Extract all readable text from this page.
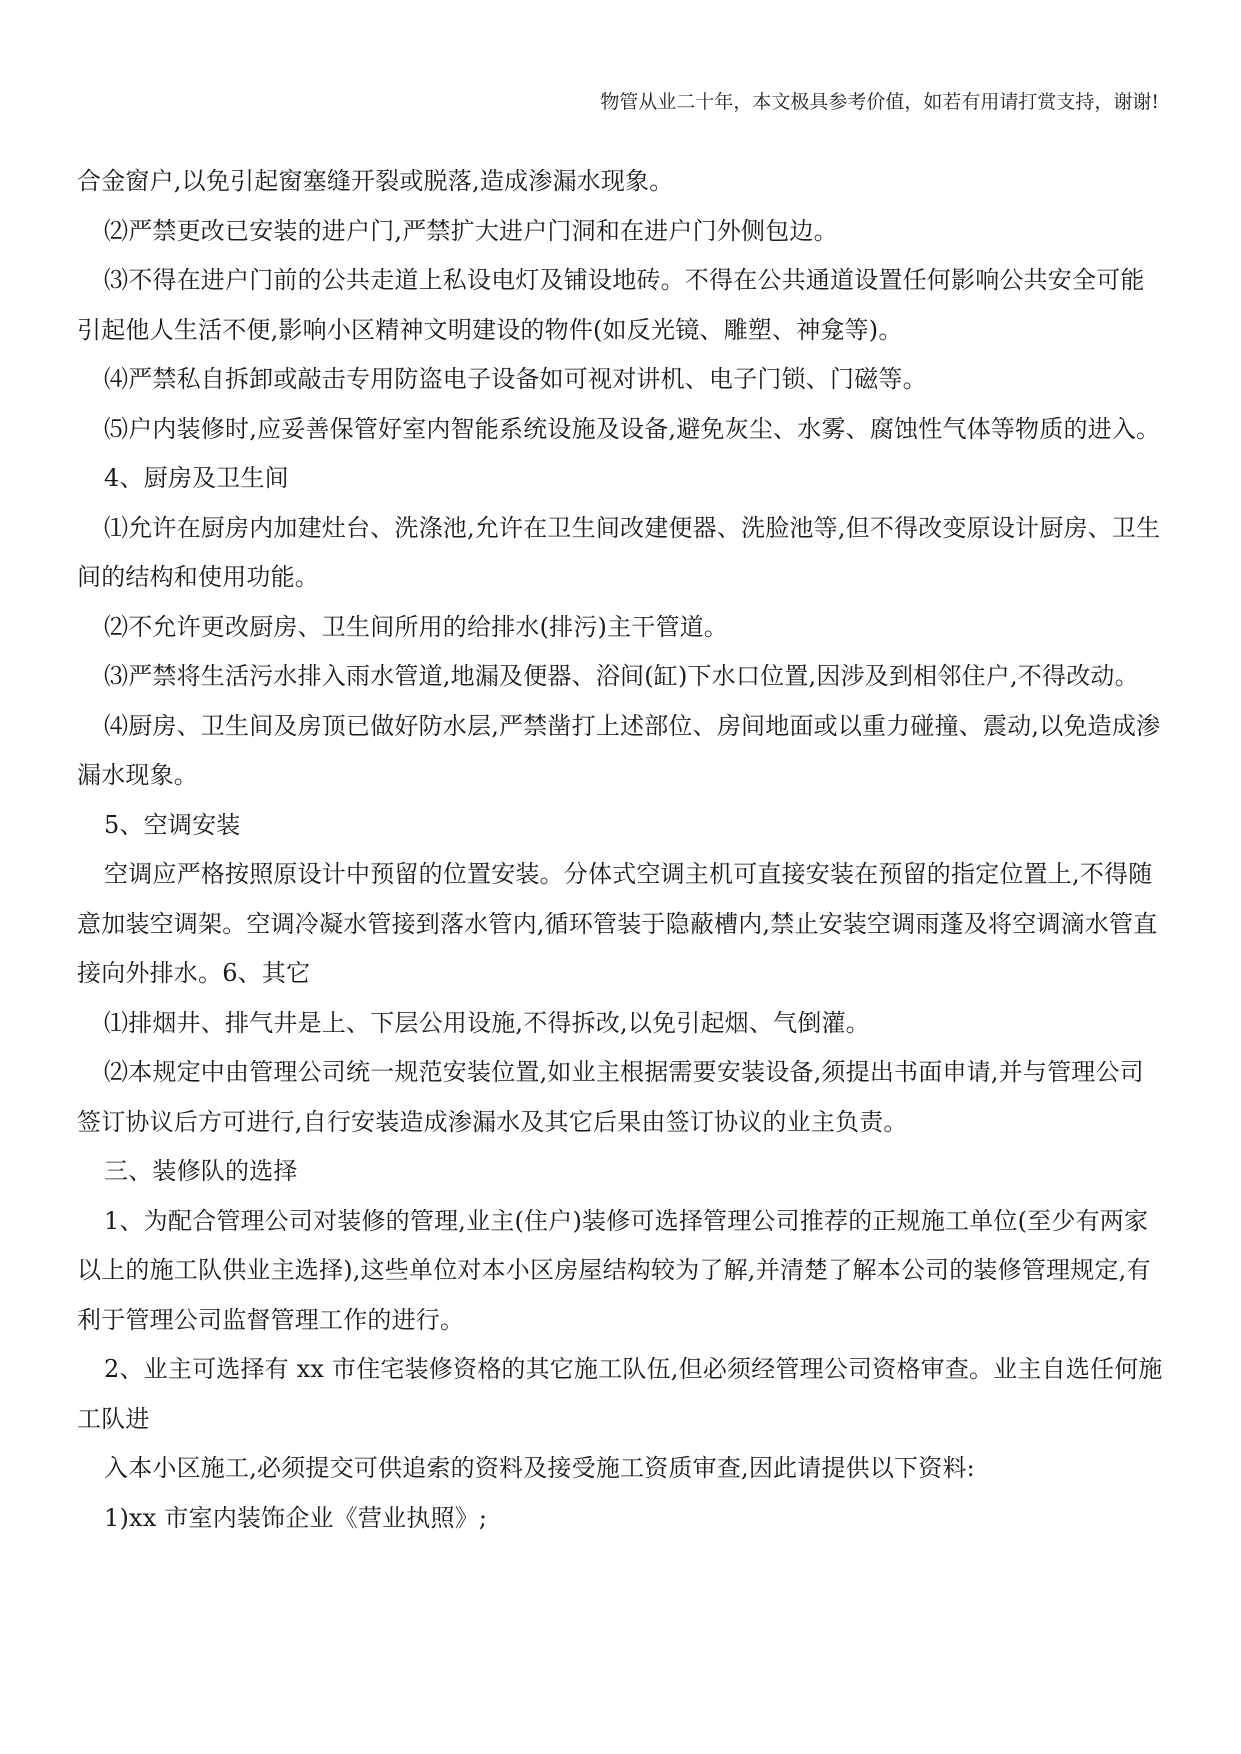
物管从业二十年，本文极具参考价值，如若有用请打赏支持，谢谢!

合金窗户,以免引起窗塞缝开裂或脱落,造成渗漏水现象。

⑵严禁更改已安装的进户门,严禁扩大进户门洞和在进户门外侧包边。

⑶不得在进户门前的公共走道上私设电灯及铺设地砖。不得在公共通道设置任何影响公共安全可能引起他人生活不便,影响小区精神文明建设的物件(如反光镜、雕塑、神龛等)。

⑷严禁私自拆卸或敲击专用防盗电子设备如可视对讲机、电子门锁、门磁等。

⑸户内装修时,应妥善保管好室内智能系统设施及设备,避免灰尘、水雾、腐蚀性气体等物质的进入。

4、厨房及卫生间

⑴允许在厨房内加建灶台、洗涤池,允许在卫生间改建便器、洗脸池等,但不得改变原设计厨房、卫生间的结构和使用功能。

⑵不允许更改厨房、卫生间所用的给排水(排污)主干管道。

⑶严禁将生活污水排入雨水管道,地漏及便器、浴间(缸)下水口位置,因涉及到相邻住户,不得改动。

⑷厨房、卫生间及房顶已做好防水层,严禁凿打上述部位、房间地面或以重力碰撞、震动,以免造成渗漏水现象。

5、空调安装

空调应严格按照原设计中预留的位置安装。分体式空调主机可直接安装在预留的指定位置上,不得随意加装空调架。空调冷凝水管接到落水管内,循环管装于隐蔽槽内,禁止安装空调雨蓬及将空调滴水管直接向外排水。6、其它

⑴排烟井、排气井是上、下层公用设施,不得拆改,以免引起烟、气倒灌。

⑵本规定中由管理公司统一规范安装位置,如业主根据需要安装设备,须提出书面申请,并与管理公司签订协议后方可进行,自行安装造成渗漏水及其它后果由签订协议的业主负责。

三、装修队的选择

1、为配合管理公司对装修的管理,业主(住户)装修可选择管理公司推荐的正规施工单位(至少有两家以上的施工队供业主选择),这些单位对本小区房屋结构较为了解,并清楚了解本公司的装修管理规定,有利于管理公司监督管理工作的进行。

2、业主可选择有 xx 市住宅装修资格的其它施工队伍,但必须经管理公司资格审查。业主自选任何施工队进

入本小区施工,必须提交可供追索的资料及接受施工资质审查,因此请提供以下资料:

1)xx 市室内装饰企业《营业执照》;
